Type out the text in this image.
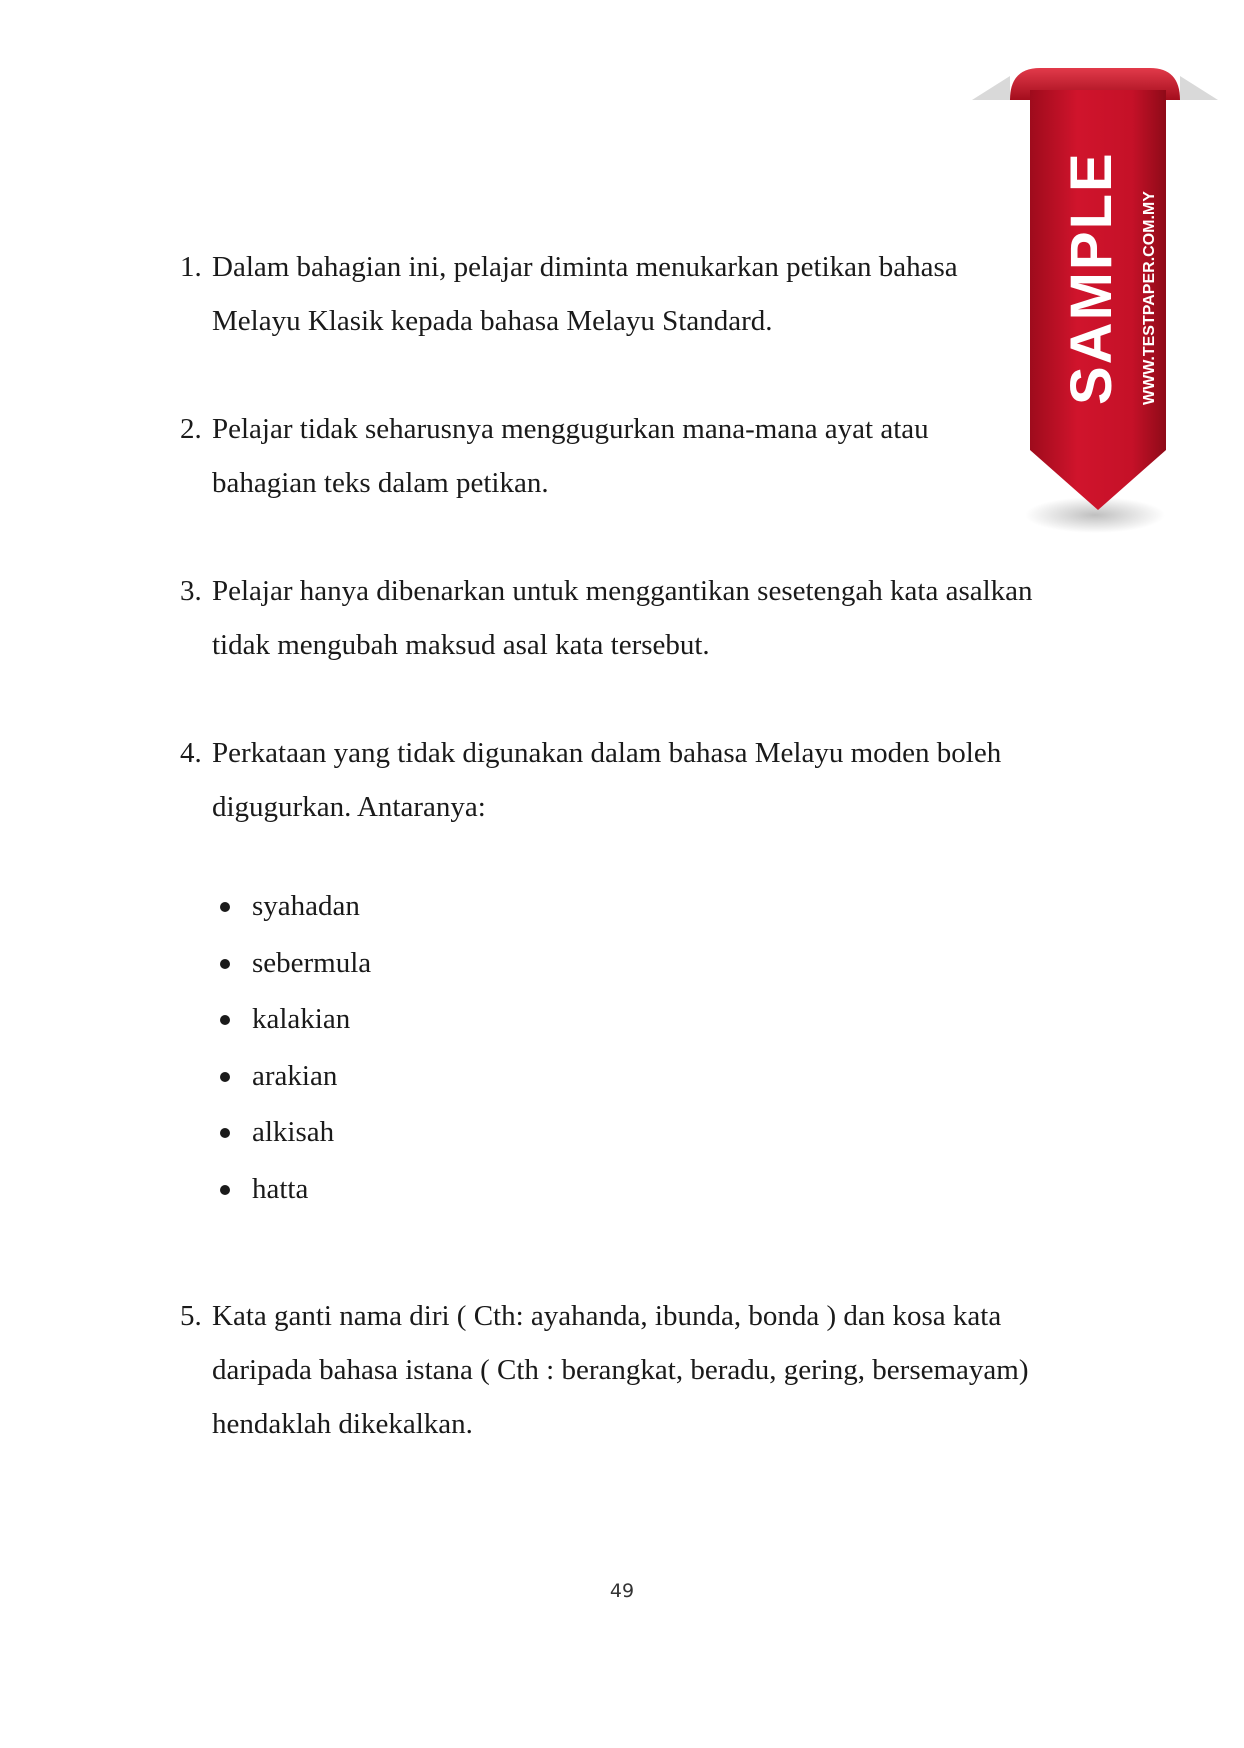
1. Dalam bahagian ini, pelajar diminta menukarkan petikan bahasa Melayu Klasik kepada bahasa Melayu Standard.
2. Pelajar tidak seharusnya menggugurkan mana-mana ayat atau bahagian teks dalam petikan.
3. Pelajar hanya dibenarkan untuk menggantikan sesetengah kata asalkan tidak mengubah maksud asal kata tersebut.
4. Perkataan yang tidak digunakan dalam bahasa Melayu moden boleh digugurkan. Antaranya:
syahadan
sebermula
kalakian
arakian
alkisah
hatta
5. Kata ganti nama diri ( Cth: ayahanda, ibunda, bonda ) dan kosa kata daripada bahasa istana ( Cth : berangkat, beradu, gering, bersemayam) hendaklah dikekalkan.
49
SAMPLE WWW.TESTPAPER.COM.MY
